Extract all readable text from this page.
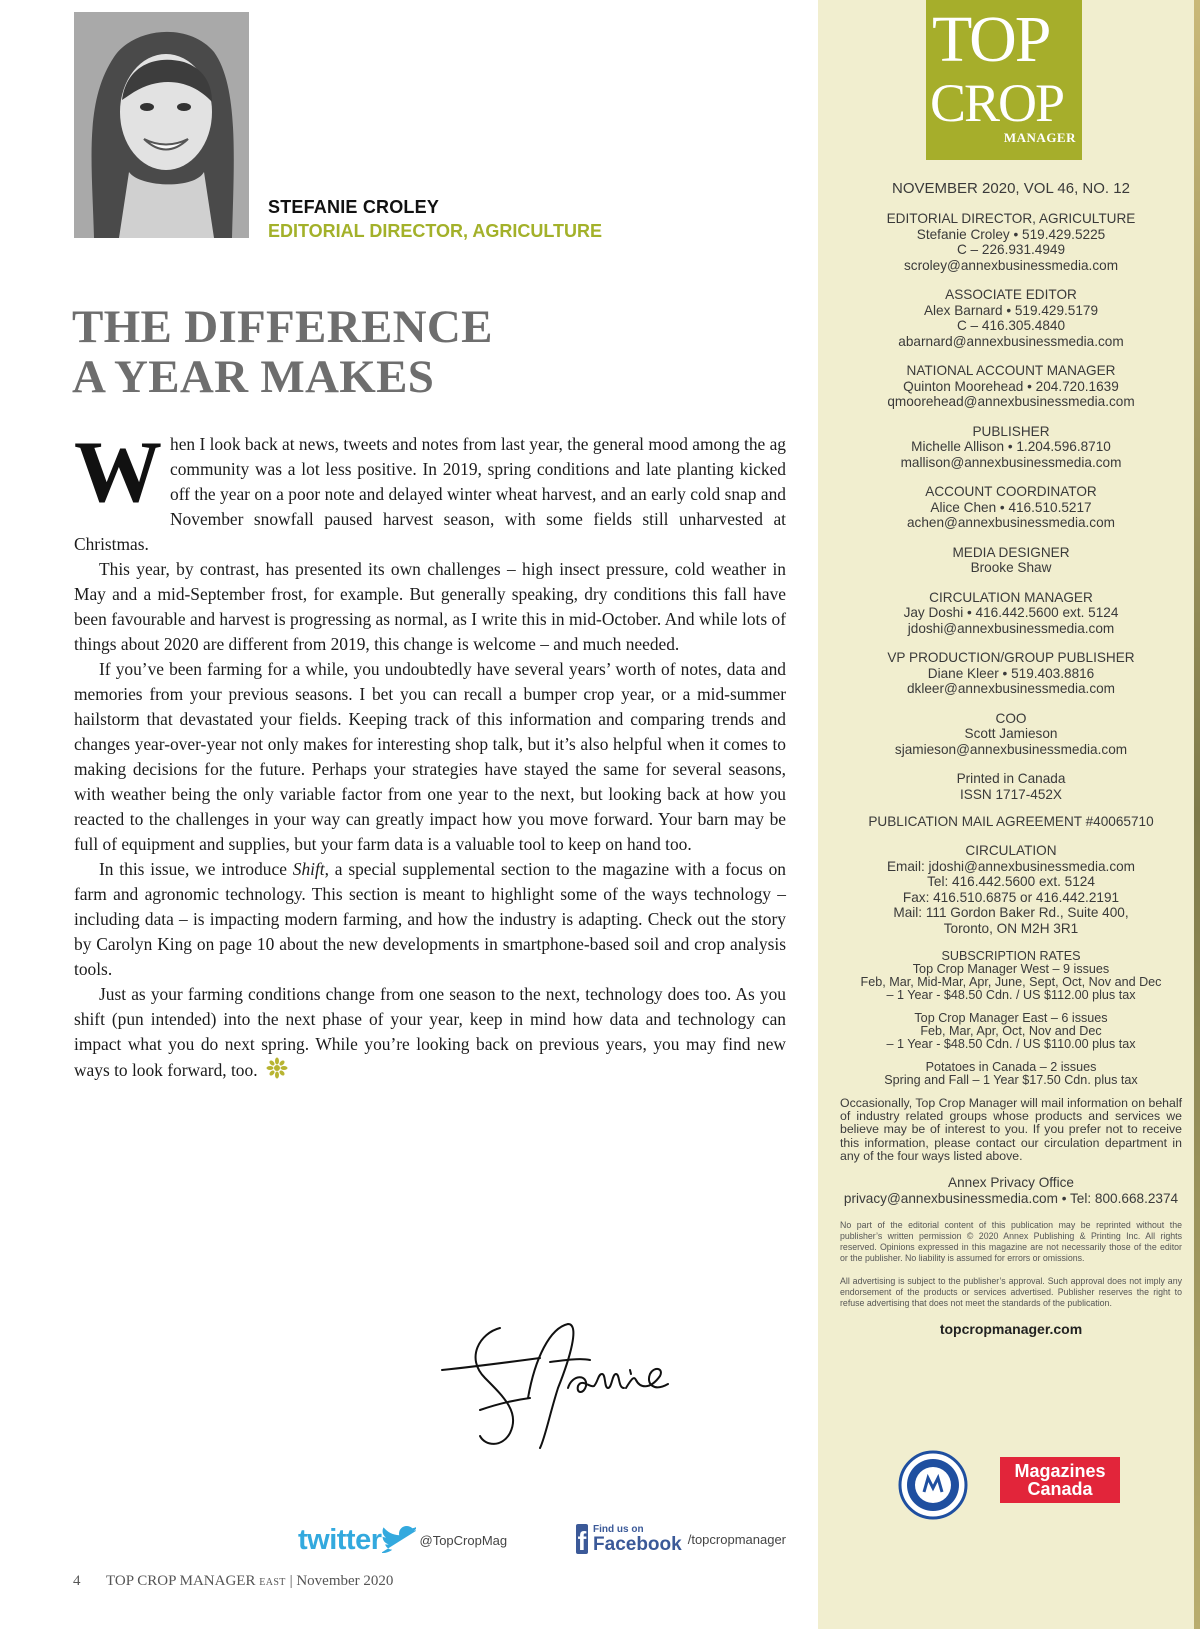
STEFANIE CROLEY
EDITORIAL DIRECTOR, AGRICULTURE
THE DIFFERENCE
A YEAR MAKES

When I look back at news, tweets and notes from last year, the general mood among the ag community was a lot less positive. In 2019, spring conditions and late planting kicked off the year on a poor note and delayed winter wheat harvest, and an early cold snap and November snowfall paused harvest season, with some fields still unharvested at Christmas.

This year, by contrast, has presented its own challenges – high insect pressure, cold weather in May and a mid-September frost, for example. But generally speaking, dry conditions this fall have been favourable and harvest is progressing as normal, as I write this in mid-October. And while lots of things about 2020 are different from 2019, this change is welcome – and much needed.

If you’ve been farming for a while, you undoubtedly have several years’ worth of notes, data and memories from your previous seasons. I bet you can recall a bumper crop year, or a mid-summer hailstorm that devastated your fields. Keeping track of this information and comparing trends and changes year-over-year not only makes for interesting shop talk, but it’s also helpful when it comes to making decisions for the future. Perhaps your strategies have stayed the same for several seasons, with weather being the only variable factor from one year to the next, but looking back at how you reacted to the challenges in your way can greatly impact how you move forward. Your barn may be full of equipment and supplies, but your farm data is a valuable tool to keep on hand too.

In this issue, we introduce Shift, a special supplemental section to the magazine with a focus on farm and agronomic technology. This section is meant to highlight some of the ways technology – including data – is impacting modern farming, and how the industry is adapting. Check out the story by Carolyn King on page 10 about the new developments in smartphone-based soil and crop analysis tools.

Just as your farming conditions change from one season to the next, technology does too. As you shift (pun intended) into the next phase of your year, keep in mind how data and technology can impact what you do next spring. While you’re looking back on previous years, you may find new ways to look forward, too.

twitter	@TopCropMag	f Find us on
Facebook /topcropmanager
4 TOP CROP MANAGER EAST | November 2020
TOP
CROP
MANAGER
NOVEMBER 2020, VOL 46, NO. 12
EDITORIAL DIRECTOR, AGRICULTURE
Stefanie Croley • 519.429.5225
C – 226.931.4949
scroley@annexbusinessmedia.com
ASSOCIATE EDITOR
Alex Barnard • 519.429.5179
C – 416.305.4840
abarnard@annexbusinessmedia.com
NATIONAL ACCOUNT MANAGER
Quinton Moorehead • 204.720.1639
qmoorehead@annexbusinessmedia.com
PUBLISHER
Michelle Allison • 1.204.596.8710
mallison@annexbusinessmedia.com
ACCOUNT COORDINATOR
Alice Chen • 416.510.5217
achen@annexbusinessmedia.com
MEDIA DESIGNER
Brooke Shaw
CIRCULATION MANAGER
Jay Doshi • 416.442.5600 ext. 5124
jdoshi@annexbusinessmedia.com
VP PRODUCTION/GROUP PUBLISHER
Diane Kleer • 519.403.8816
dkleer@annexbusinessmedia.com
COO
Scott Jamieson
sjamieson@annexbusinessmedia.com
Printed in Canada
ISSN 1717-452X
PUBLICATION MAIL AGREEMENT #40065710
CIRCULATION
Email: jdoshi@annexbusinessmedia.com
Tel: 416.442.5600 ext. 5124
Fax: 416.510.6875 or 416.442.2191
Mail: 111 Gordon Baker Rd., Suite 400,
Toronto, ON M2H 3R1
SUBSCRIPTION RATES
Top Crop Manager West – 9 issues
Feb, Mar, Mid-Mar, Apr, June, Sept, Oct, Nov and Dec
– 1 Year - $48.50 Cdn. / US $112.00 plus tax
Top Crop Manager East – 6 issues
Feb, Mar, Apr, Oct, Nov and Dec
– 1 Year - $48.50 Cdn. / US $110.00 plus tax
Potatoes in Canada – 2 issues
Spring and Fall – 1 Year $17.50 Cdn. plus tax
Occasionally, Top Crop Manager will mail information on behalf of industry related groups whose products and services we believe may be of interest to you. If you prefer not to receive this information, please contact our circulation department in any of the four ways listed above.
Annex Privacy Office
privacy@annexbusinessmedia.com • Tel: 800.668.2374
No part of the editorial content of this publication may be reprinted without the publisher’s written permission © 2020 Annex Publishing & Printing Inc. All rights reserved. Opinions expressed in this magazine are not necessarily those of the editor or the publisher. No liability is assumed for errors or omissions.
All advertising is subject to the publisher’s approval. Such approval does not imply any endorsement of the products or services advertised. Publisher reserves the right to refuse advertising that does not meet the standards of the publication.
topcropmanager.com
Magazines
Canada
